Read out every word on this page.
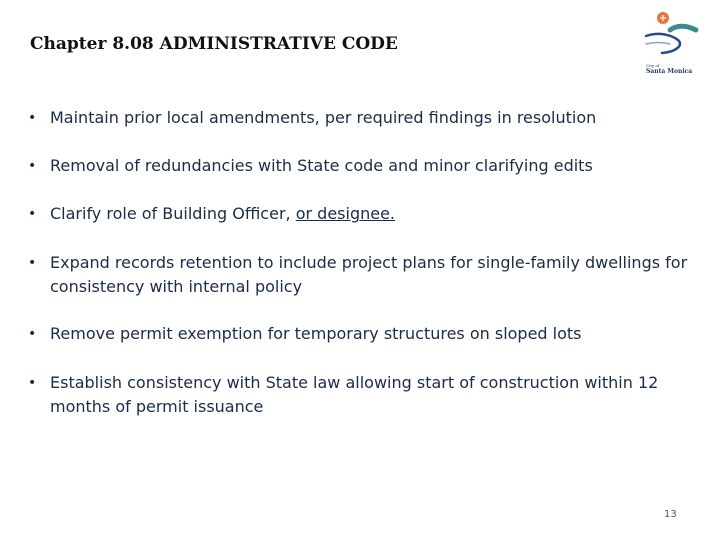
Chapter 8.08 ADMINISTRATIVE CODE
City of
Santa Monica
• Maintain prior local amendments, per required findings in resolution
• Removal of redundancies with State code and minor clarifying edits
• Clarify role of Building Officer, or designee.
• Expand records retention to include project plans for single-family dwellings for consistency with internal policy
• Remove permit exemption for temporary structures on sloped lots
• Establish consistency with State law allowing start of construction within 12 months of permit issuance
13
